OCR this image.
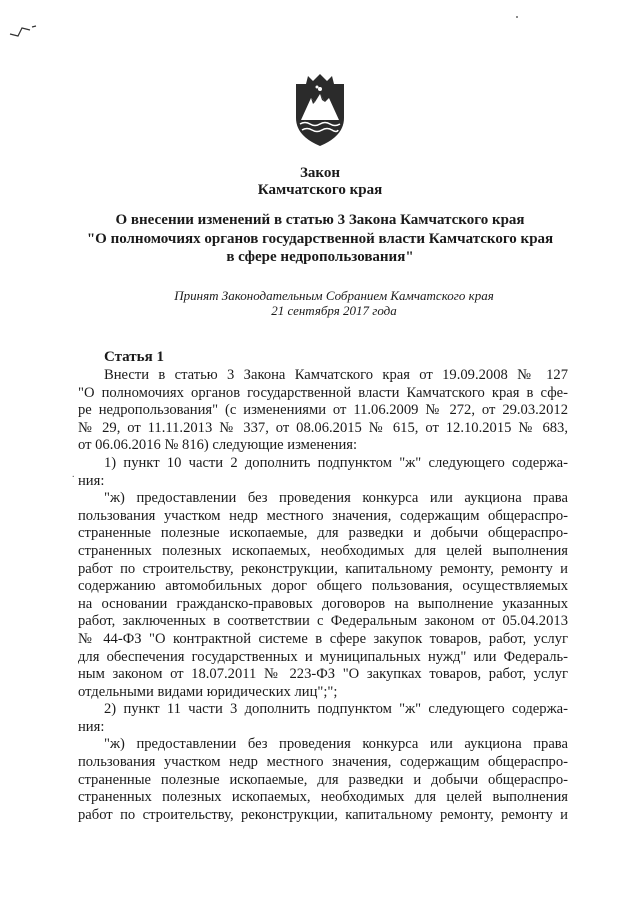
Закон
Камчатского края
О внесении изменений в статью 3 Закона Камчатского края
"О полномочиях органов государственной власти Камчатского края
в сфере недропользования"
Принят Законодательным Собранием Камчатского края
21 сентября 2017 года
Статья 1
.
Внести в статью 3 Закона Камчатского края от 19.09.2008 № 127
"О полномочиях органов государственной власти Камчатского края в сфе-
ре недропользования" (с изменениями от 11.06.2009 № 272, от 29.03.2012
№ 29, от 11.11.2013 № 337, от 08.06.2015 № 615, от 12.10.2015 № 683,
от 06.06.2016 № 816) следующие изменения:
1) пункт 10 части 2 дополнить подпунктом "ж" следующего содержа-
ния:
"ж) предоставлении без проведения конкурса или аукциона права
пользования участком недр местного значения, содержащим общераспро-
страненные полезные ископаемые, для разведки и добычи общераспро-
страненных полезных ископаемых, необходимых для целей выполнения
работ по строительству, реконструкции, капитальному ремонту, ремонту и
содержанию автомобильных дорог общего пользования, осуществляемых
на основании гражданско-правовых договоров на выполнение указанных
работ, заключенных в соответствии с Федеральным законом от 05.04.2013
№ 44-ФЗ "О контрактной системе в сфере закупок товаров, работ, услуг
для обеспечения государственных и муниципальных нужд" или Федераль-
ным законом от 18.07.2011 № 223-ФЗ "О закупках товаров, работ, услуг
отдельными видами юридических лиц";";
2) пункт 11 части 3 дополнить подпунктом "ж" следующего содержа-
ния:
"ж) предоставлении без проведения конкурса или аукциона права
пользования участком недр местного значения, содержащим общераспро-
страненные полезные ископаемые, для разведки и добычи общераспро-
страненных полезных ископаемых, необходимых для целей выполнения
работ по строительству, реконструкции, капитальному ремонту, ремонту и
